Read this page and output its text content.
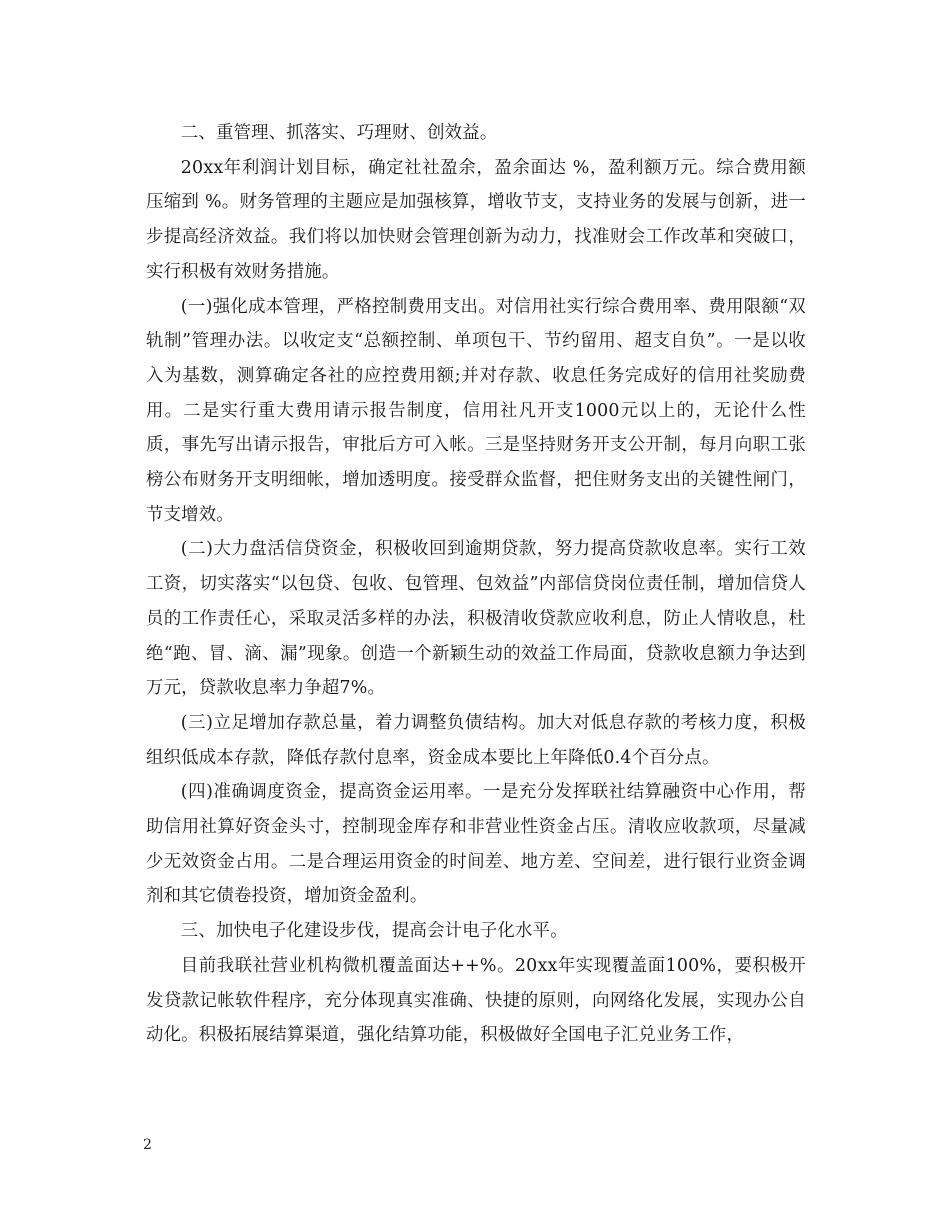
二、重管理、抓落实、巧理财、创效益。

20xx年利润计划目标，确定社社盈余，盈余面达 %，盈利额万元。综合费用额压缩到 %。财务管理的主题应是加强核算，增收节支，支持业务的发展与创新，进一步提高经济效益。我们将以加快财会管理创新为动力，找准财会工作改革和突破口，实行积极有效财务措施。

(一)强化成本管理，严格控制费用支出。对信用社实行综合费用率、费用限额“双轨制”管理办法。以收定支“总额控制、单项包干、节约留用、超支自负”。一是以收入为基数，测算确定各社的应控费用额;并对存款、收息任务完成好的信用社奖励费用。二是实行重大费用请示报告制度，信用社凡开支1000元以上的，无论什么性质，事先写出请示报告，审批后方可入帐。三是坚持财务开支公开制，每月向职工张榜公布财务开支明细帐，增加透明度。接受群众监督，把住财务支出的关键性闸门，节支增效。

(二)大力盘活信贷资金，积极收回到逾期贷款，努力提高贷款收息率。实行工效工资，切实落实“以包贷、包收、包管理、包效益”内部信贷岗位责任制，增加信贷人员的工作责任心，采取灵活多样的办法，积极清收贷款应收利息，防止人情收息，杜绝“跑、冒、滴、漏”现象。创造一个新颖生动的效益工作局面，贷款收息额力争达到 万元，贷款收息率力争超7%。

(三)立足增加存款总量，着力调整负债结构。加大对低息存款的考核力度，积极组织低成本存款，降低存款付息率，资金成本要比上年降低0.4个百分点。

(四)准确调度资金，提高资金运用率。一是充分发挥联社结算融资中心作用，帮助信用社算好资金头寸，控制现金库存和非营业性资金占压。清收应收款项，尽量减少无效资金占用。二是合理运用资金的时间差、地方差、空间差，进行银行业资金调剂和其它债卷投资，增加资金盈利。

三、加快电子化建设步伐，提高会计电子化水平。

目前我联社营业机构微机覆盖面达++%。20xx年实现覆盖面100%，要积极开发贷款记帐软件程序，充分体现真实准确、快捷的原则，向网络化发展，实现办公自动化。积极拓展结算渠道，强化结算功能，积极做好全国电子汇兑业务工作，

2
